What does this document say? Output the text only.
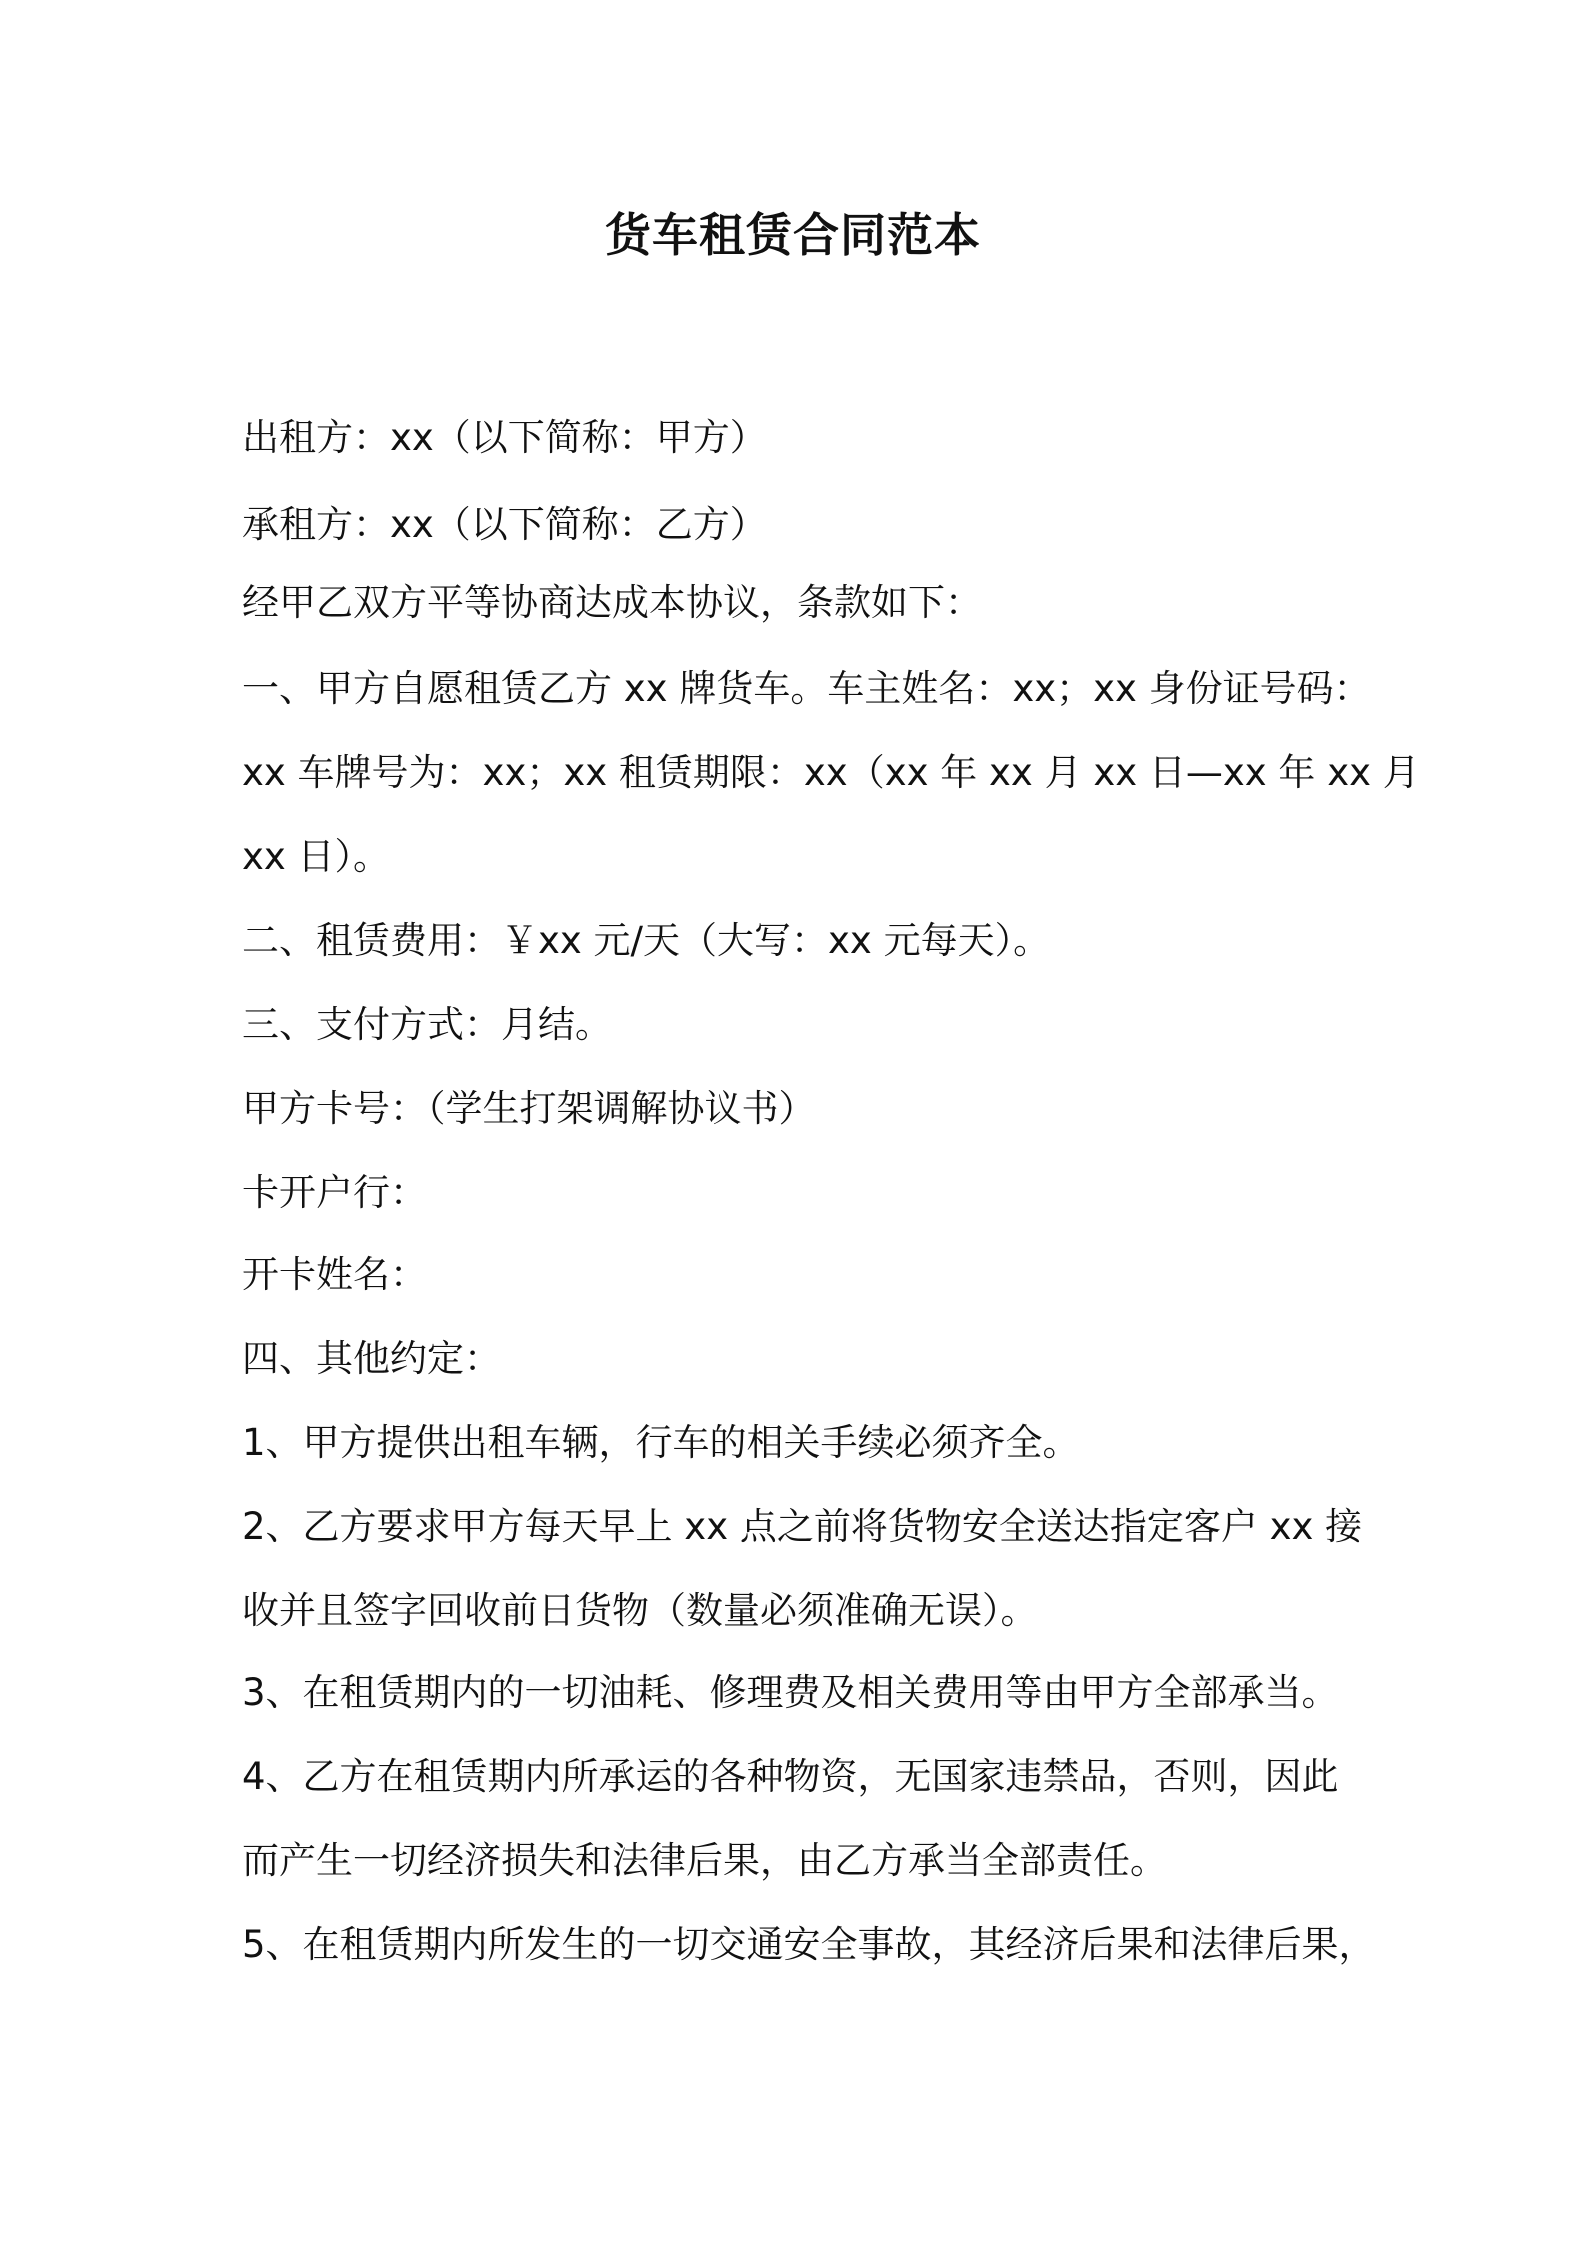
货车租赁合同范本

出租方：xx（以下简称：甲方）

承租方：xx（以下简称：乙方）

经甲乙双方平等协商达成本协议，条款如下：

一、甲方自愿租赁乙方 xx 牌货车。车主姓名：xx；xx 身份证号码：

xx 车牌号为：xx；xx 租赁期限：xx（xx 年 xx 月 xx 日—xx 年 xx 月

xx 日）。

二、租赁费用：￥xx 元/天（大写：xx 元每天）。

三、支付方式：月结。

甲方卡号：（学生打架调解协议书）

卡开户行：

开卡姓名：

四、其他约定：

1、甲方提供出租车辆，行车的相关手续必须齐全。

2、乙方要求甲方每天早上 xx 点之前将货物安全送达指定客户 xx 接

收并且签字回收前日货物（数量必须准确无误）。

3、在租赁期内的一切油耗、修理费及相关费用等由甲方全部承当。

4、乙方在租赁期内所承运的各种物资，无国家违禁品，否则，因此

而产生一切经济损失和法律后果，由乙方承当全部责任。

5、在租赁期内所发生的一切交通安全事故，其经济后果和法律后果，
